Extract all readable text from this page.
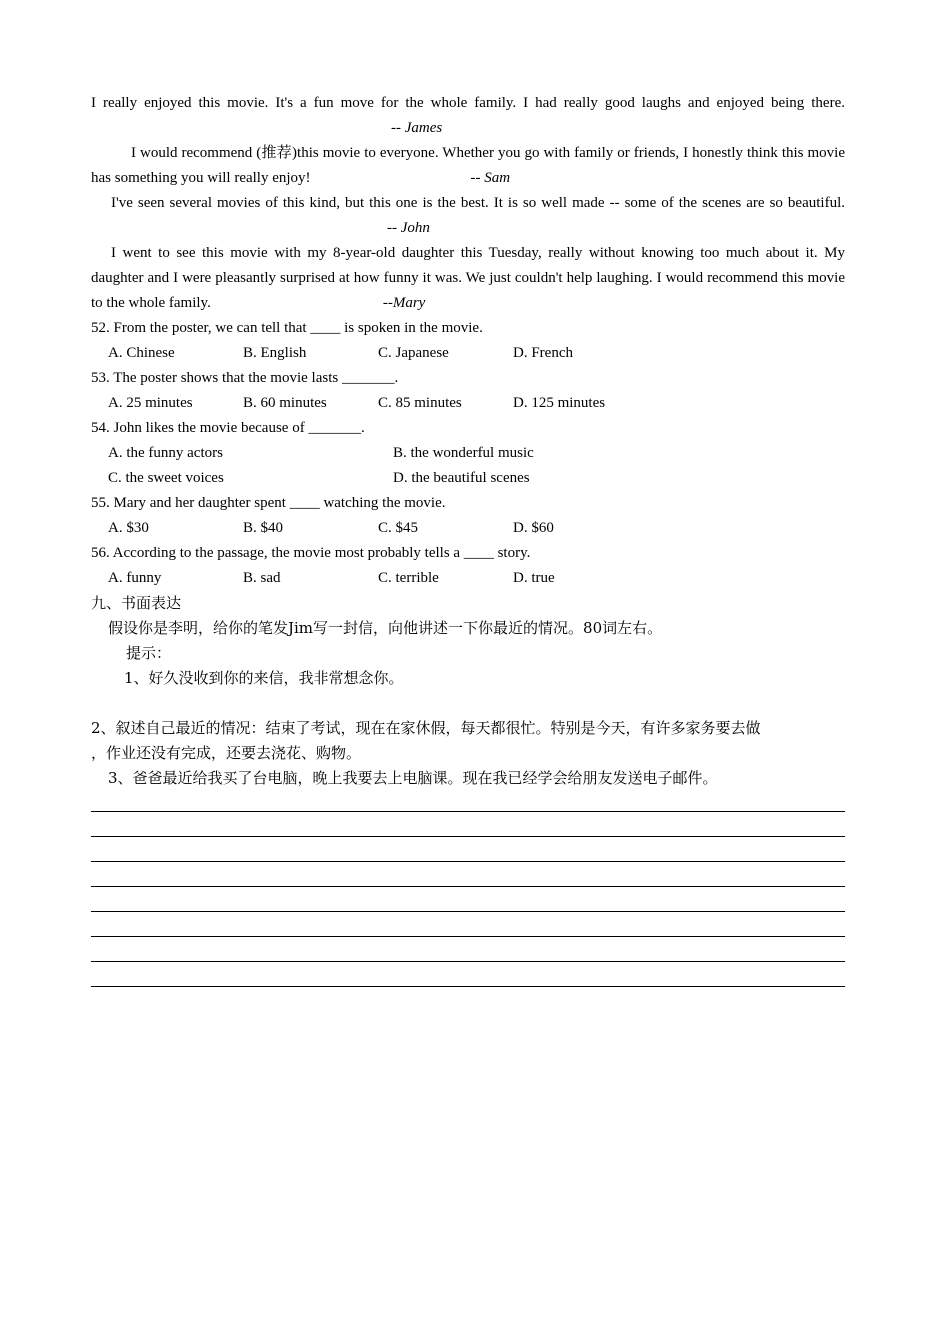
I really enjoyed this movie. It's a fun move for the whole family. I had really good laughs and enjoyed being there.-- James

I would recommend (推荐)this movie to everyone. Whether you go with family or friends, I honestly think this movie has something you will really enjoy!	-- Sam

I've seen several movies of this kind, but this one is the best. It is so well made -- some of the scenes are so beautiful.-- John

I went to see this movie with my 8-year-old daughter this Tuesday, really without knowing too much about it. My daughter and I were pleasantly surprised at how funny it was. We just couldn't help laughing. I would recommend this movie to the whole family.	--Mary

52. From the poster, we can tell that ____ is spoken in the movie.

A. Chinese	B. English	C. Japanese	D. French

53. The poster shows that the movie lasts _______.

A. 25 minutes	B. 60 minutes	C. 85 minutes	D. 125 minutes

54. John likes the movie because of _______.

A. the funny actors	B. the wonderful music
C. the sweet voices	D. the beautiful scenes

55. Mary and her daughter spent ____ watching the movie.

A. $30	B. $40	C. $45	D. $60

56. According to the passage, the movie most probably tells a ____ story.

A. funny	B. sad	C. terrible	D. true

九、书面表达

假设你是李明，给你的笔发Jim写一封信，向他讲述一下你最近的情况。80词左右。

提示：

1、好久没收到你的来信，我非常想念你。

2、叙述自己最近的情况：结束了考试，现在在家休假，每天都很忙。特别是今天，有许多家务要去做

，作业还没有完成，还要去浇花、购物。

3、爸爸最近给我买了台电脑，晚上我要去上电脑课。现在我已经学会给朋友发送电子邮件。
